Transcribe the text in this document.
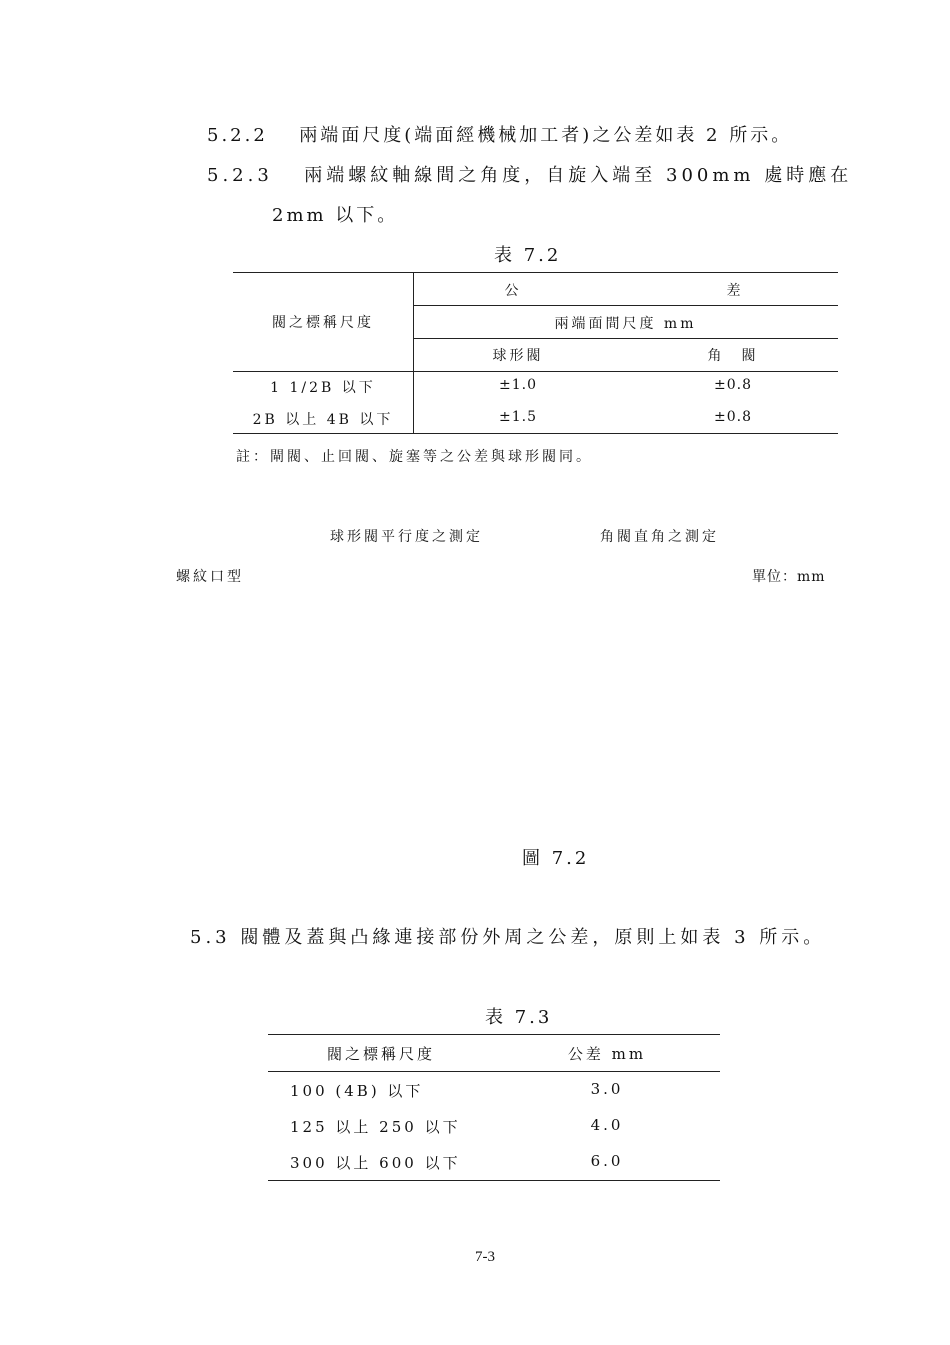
5.2.2 兩端面尺度(端面經機械加工者)之公差如表 2 所示。
5.2.3 兩端螺紋軸線間之角度，自旋入端至 300mm 處時應在
2mm 以下。
表 7.2
閥之標稱尺度
公	差
兩端面間尺度 mm
球形閥	角　閥
1 1/2B 以下	±1.0	±0.8
2B 以上 4B 以下	±1.5	±0.8
註：閘閥、止回閥、旋塞等之公差與球形閥同。
球形閥平行度之測定	角閥直角之測定
螺紋口型	單位：mm
圖 7.2
5.3 閥體及蓋與凸緣連接部份外周之公差，原則上如表 3 所示。
表 7.3
閥之標稱尺度	公差 mm
100 (4B) 以下	3.0
125 以上 250 以下	4.0
300 以上 600 以下	6.0
7-3
